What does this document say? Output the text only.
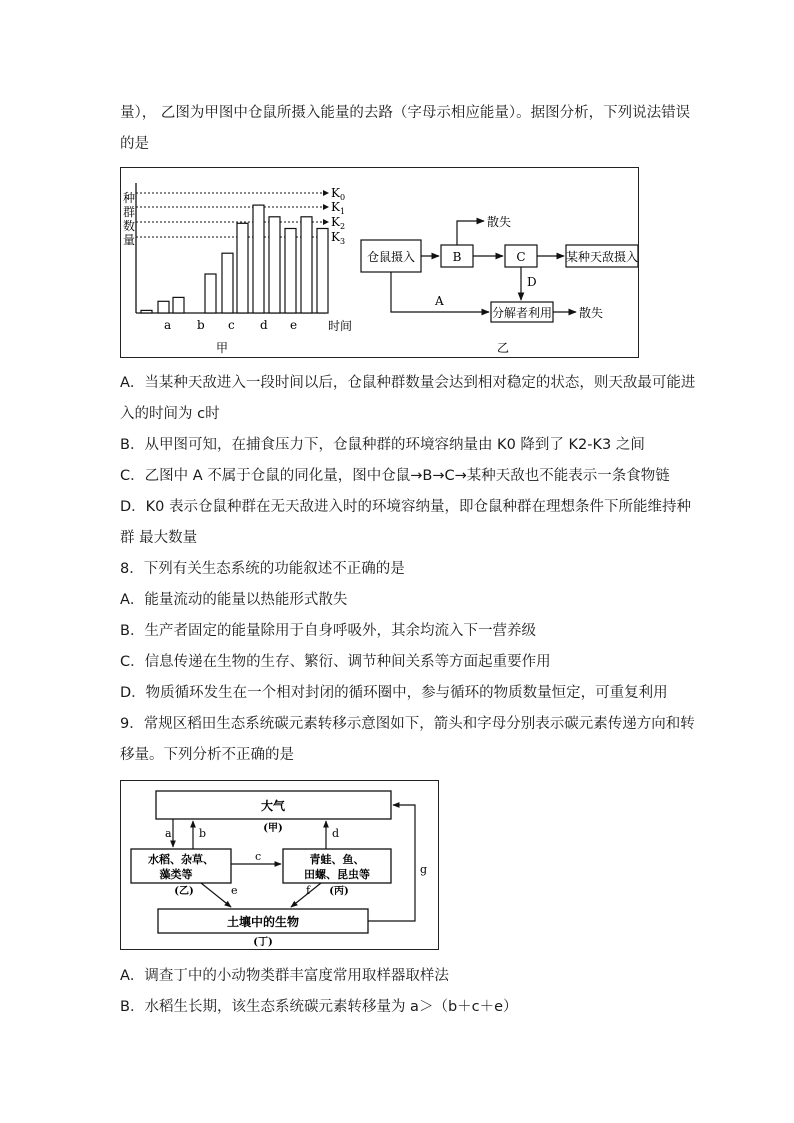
量）， 乙图为甲图中仓鼠所摄入能量的去路（字母示相应能量）。据图分析，下列说法错误
的是
种
群
数
量
$K_0$
$K_1$
$K_2$
$K_3$
a b c d e	时间
甲
仓鼠摄入	B	C	某种天敌摄入
分解者利用
散失
D
A
散失
乙
A．当某种天敌进入一段时间以后，仓鼠种群数量会达到相对稳定的状态，则天敌最可能进
入的时间为 c时
B．从甲图可知，在捕食压力下，仓鼠种群的环境容纳量由 K0 降到了 K2-K3 之间
C．乙图中 A 不属于仓鼠的同化量，图中仓鼠→B→C→某种天敌也不能表示一条食物链
D．K0 表示仓鼠种群在无天敌进入时的环境容纳量，即仓鼠种群在理想条件下所能维持种
群 最大数量
8．下列有关生态系统的功能叙述不正确的是
A．能量流动的能量以热能形式散失
B．生产者固定的能量除用于自身呼吸外，其余均流入下一营养级
C．信息传递在生物的生存、繁衍、调节种间关系等方面起重要作用
D．物质循环发生在一个相对封闭的循环圈中，参与循环的物质数量恒定，可重复利用
9．常规区稻田生态系统碳元素转移示意图如下，箭头和字母分别表示碳元素传递方向和转
移量。下列分析不正确的是
大气
(甲)
水稻、杂草、
藻类等
(乙)
青蛙、鱼、
田螺、昆虫等
(丙)
土壤中的生物
(丁)
a b
c
d
e	f
g
A．调查丁中的小动物类群丰富度常用取样器取样法
B．水稻生长期，该生态系统碳元素转移量为 a＞（b＋c＋e）
